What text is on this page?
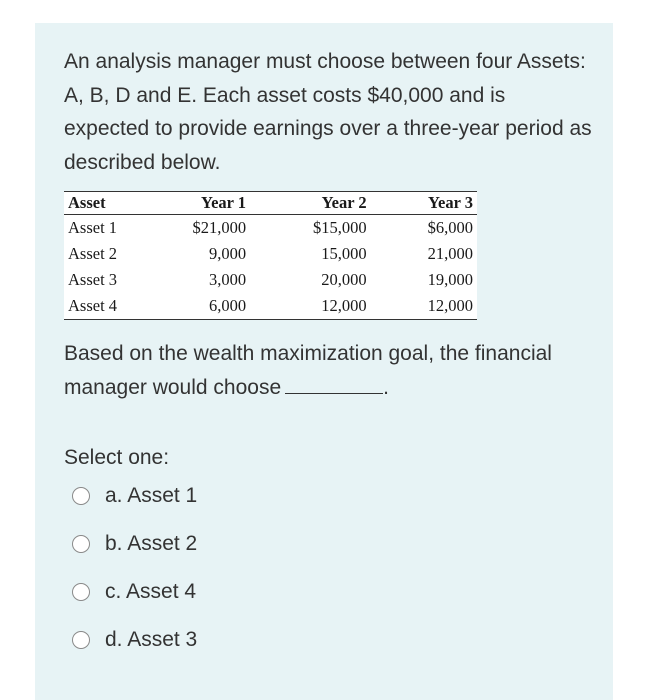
An analysis manager must choose between four Assets: A, B, D and E. Each asset costs $40,000 and is expected to provide earnings over a three-year period as described below.

Asset	Year 1	Year 2	Year 3
Asset 1	$21,000	$15,000	$6,000
Asset 2	9,000	15,000	21,000
Asset 3	3,000	20,000	19,000
Asset 4	6,000	12,000	12,000

Based on the wealth maximization goal, the financial manager would choose	.

Select one:
a. Asset 1
b. Asset 2
c. Asset 4
d. Asset 3
